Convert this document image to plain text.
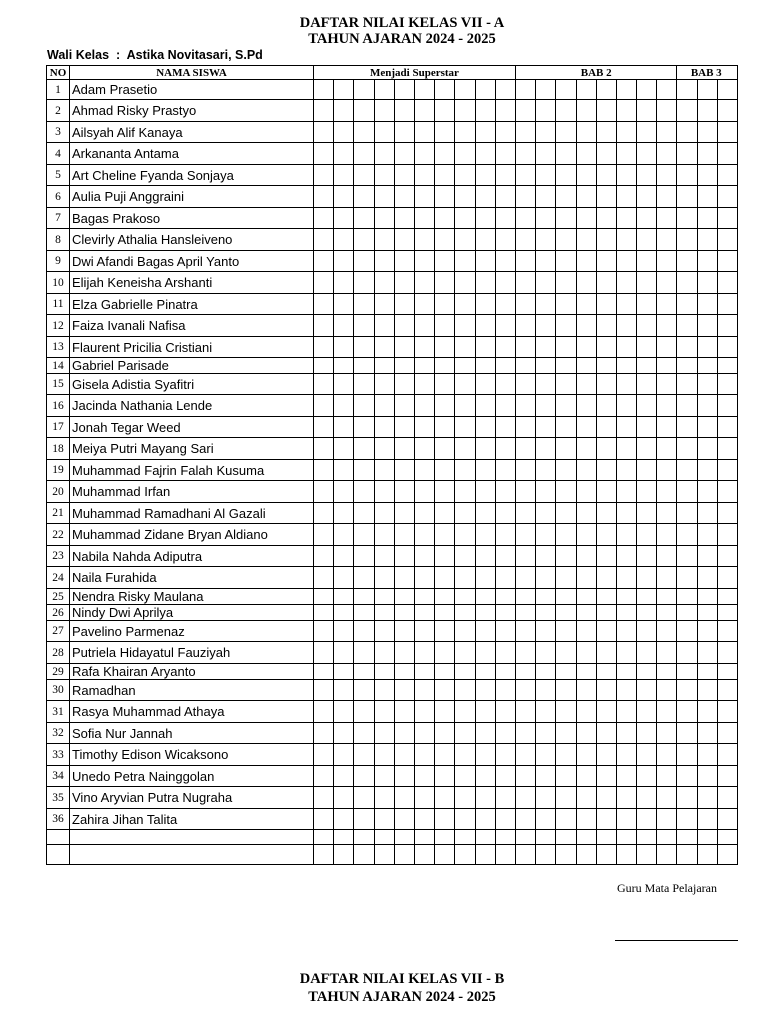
DAFTAR NILAI KELAS VII - A
TAHUN AJARAN 2024 - 2025
Wali Kelas  :  Astika Novitasari, S.Pd
NO	NAMA SISWA	Menjadi Superstar										BAB 2								BAB 3		
1	Adam Prasetio																					
2	Ahmad Risky Prastyo																					
3	Ailsyah Alif Kanaya																					
4	Arkananta Antama																					
5	Art Cheline Fyanda Sonjaya																					
6	Aulia Puji Anggraini																					
7	Bagas Prakoso																					
8	Clevirly Athalia Hansleiveno																					
9	Dwi Afandi Bagas April Yanto																					
10	Elijah Keneisha Arshanti																					
11	Elza Gabrielle Pinatra																					
12	Faiza Ivanali Nafisa																					
13	Flaurent Pricilia Cristiani																					
14	Gabriel Parisade																					
15	Gisela Adistia Syafitri																					
16	Jacinda Nathania Lende																					
17	Jonah Tegar Weed																					
18	Meiya Putri Mayang Sari																					
19	Muhammad Fajrin Falah Kusuma																					
20	Muhammad Irfan																					
21	Muhammad Ramadhani Al Gazali																					
22	Muhammad Zidane Bryan Aldiano																					
23	Nabila Nahda Adiputra																					
24	Naila Furahida																					
25	Nendra Risky Maulana																					
26	Nindy Dwi Aprilya																					
27	Pavelino Parmenaz																					
28	Putriela Hidayatul Fauziyah																					
29	Rafa Khairan Aryanto																					
30	Ramadhan																					
31	Rasya Muhammad Athaya																					
32	Sofia Nur Jannah																					
33	Timothy Edison Wicaksono																					
34	Unedo Petra Nainggolan																					
35	Vino Aryvian Putra Nugraha																					
36	Zahira Jihan Talita																					

Guru Mata Pelajaran
DAFTAR NILAI KELAS VII - B
TAHUN AJARAN 2024 - 2025
